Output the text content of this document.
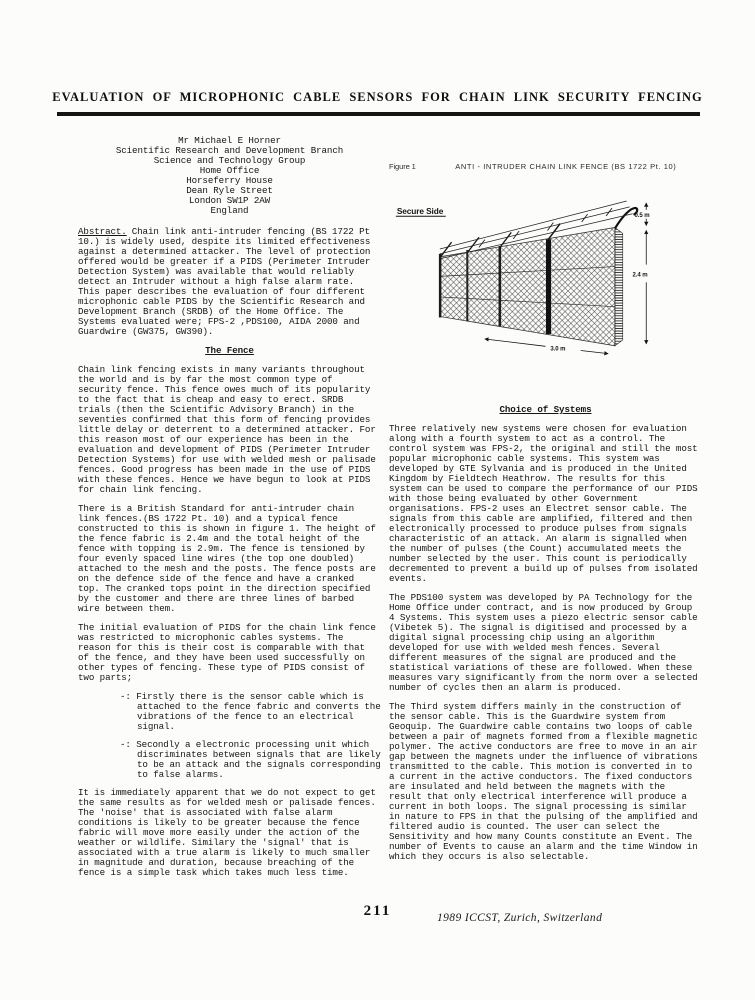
EVALUATION OF MICROPHONIC CABLE SENSORS FOR CHAIN LINK SECURITY FENCING
Mr Michael E Horner
Scientific Research and Development Branch
Science and Technology Group
Home Office
Horseferry House
Dean Ryle Street
London SW1P 2AW
England

Abstract. Chain link anti-intruder fencing (BS 1722 Pt 10.) is widely used, despite its limited effectiveness against a determined attacker. The level of protection offered would be greater if a PIDS (Perimeter Intruder Detection System) was available that would reliably detect an Intruder without a high false alarm rate. This paper describes the evaluation of four different microphonic cable PIDS by the Scientific Research and Development Branch (SRDB) of the Home Office. The Systems evaluated were; FPS-2 ,PDS100, AIDA 2000 and Guardwire (GW375, GW390).

The Fence

Chain link fencing exists in many variants throughout the world and is by far the most common type of security fence. This fence owes much of its popularity to the fact that is cheap and easy to erect. SRDB trials (then the Scientific Advisory Branch) in the seventies confirmed that this form of fencing provides little delay or deterrent to a determined attacker. For this reason most of our experience has been in the evaluation and development of PIDS (Perimeter Intruder Detection Systems) for use with welded mesh or palisade fences. Good progress has been made in the use of PIDS with these fences. Hence we have begun to look at PIDS for chain link fencing.

There is a British Standard for anti-intruder chain link fences.(BS 1722 Pt. 10) and a typical fence constructed to this is shown in figure 1. The height of the fence fabric is 2.4m and the total height of the fence with topping is 2.9m. The fence is tensioned by four evenly spaced line wires (the top one doubled) attached to the mesh and the posts. The fence posts are on the defence side of the fence and have a cranked top. The cranked tops point in the direction specified by the customer and there are three lines of barbed wire between them.

The initial evaluation of PIDS for the chain link fence was restricted to microphonic cables systems. The reason for this is their cost is comparable with that of the fence, and they have been used successfully on other types of fencing. These type of PIDS consist of two parts;

-: Firstly there is the sensor cable which is attached to the fence fabric and converts the vibrations of the fence to an electrical signal.
-: Secondly a electronic processing unit which discriminates between signals that are likely to be an attack and the signals corresponding to false alarms.

It is immediately apparent that we do not expect to get the same results as for welded mesh or palisade fences. The 'noise' that is associated with false alarm conditions is likely to be greater because the fence fabric will move more easily under the action of the weather or wildlife. Similary the 'signal' that is associated with a true alarm is likely to much smaller in magnitude and duration, because breaching of the fence is a simple task which takes much less time.

Figure 1	ANTI - INTRUDER CHAIN LINK FENCE (BS 1722 Pt. 10)
Secure Side
0.5 m
2.4 m
3.0 m
Choice of Systems

Three relatively new systems were chosen for evaluation along with a fourth system to act as a control. The control system was FPS-2, the original and still the most popular microphonic cable systems. This system was developed by GTE Sylvania and is produced in the United Kingdom by Fieldtech Heathrow. The results for this system can be used to compare the performance of our PIDS with those being evaluated by other Government organisations. FPS-2 uses an Electret sensor cable. The signals from this cable are amplified, filtered and then electronically processed to produce pulses from signals characteristic of an attack. An alarm is signalled when the number of pulses (the Count) accumulated meets the number selected by the user. This count is periodically decremented to prevent a build up of pulses from isolated events.

The PDS100 system was developed by PA Technology for the Home Office under contract, and is now produced by Group 4 Systems. This system uses a piezo electric sensor cable (Vibetek 5). The signal is digitised and processed by a digital signal processing chip using an algorithm developed for use with welded mesh fences. Several different measures of the signal are produced and the statistical variations of these are followed. When these measures vary significantly from the norm over a selected number of cycles then an alarm is produced.

The Third system differs mainly in the construction of the sensor cable. This is the Guardwire system from Geoquip. The Guardwire cable contains two loops of cable between a pair of magnets formed from a flexible magnetic polymer. The active conductors are free to move in an air gap between the magnets under the influence of vibrations transmitted to the cable. This motion is converted in to a current in the active conductors. The fixed conductors are insulated and held between the magnets with the result that only electrical interference will produce a current in both loops. The signal processing is similar in nature to FPS in that the pulsing of the amplified and filtered audio is counted. The user can select the Sensitivity and how many Counts constitute an Event. The number of Events to cause an alarm and the time Window in which they occurs is also selectable.

211	1989 ICCST, Zurich, Switzerland
